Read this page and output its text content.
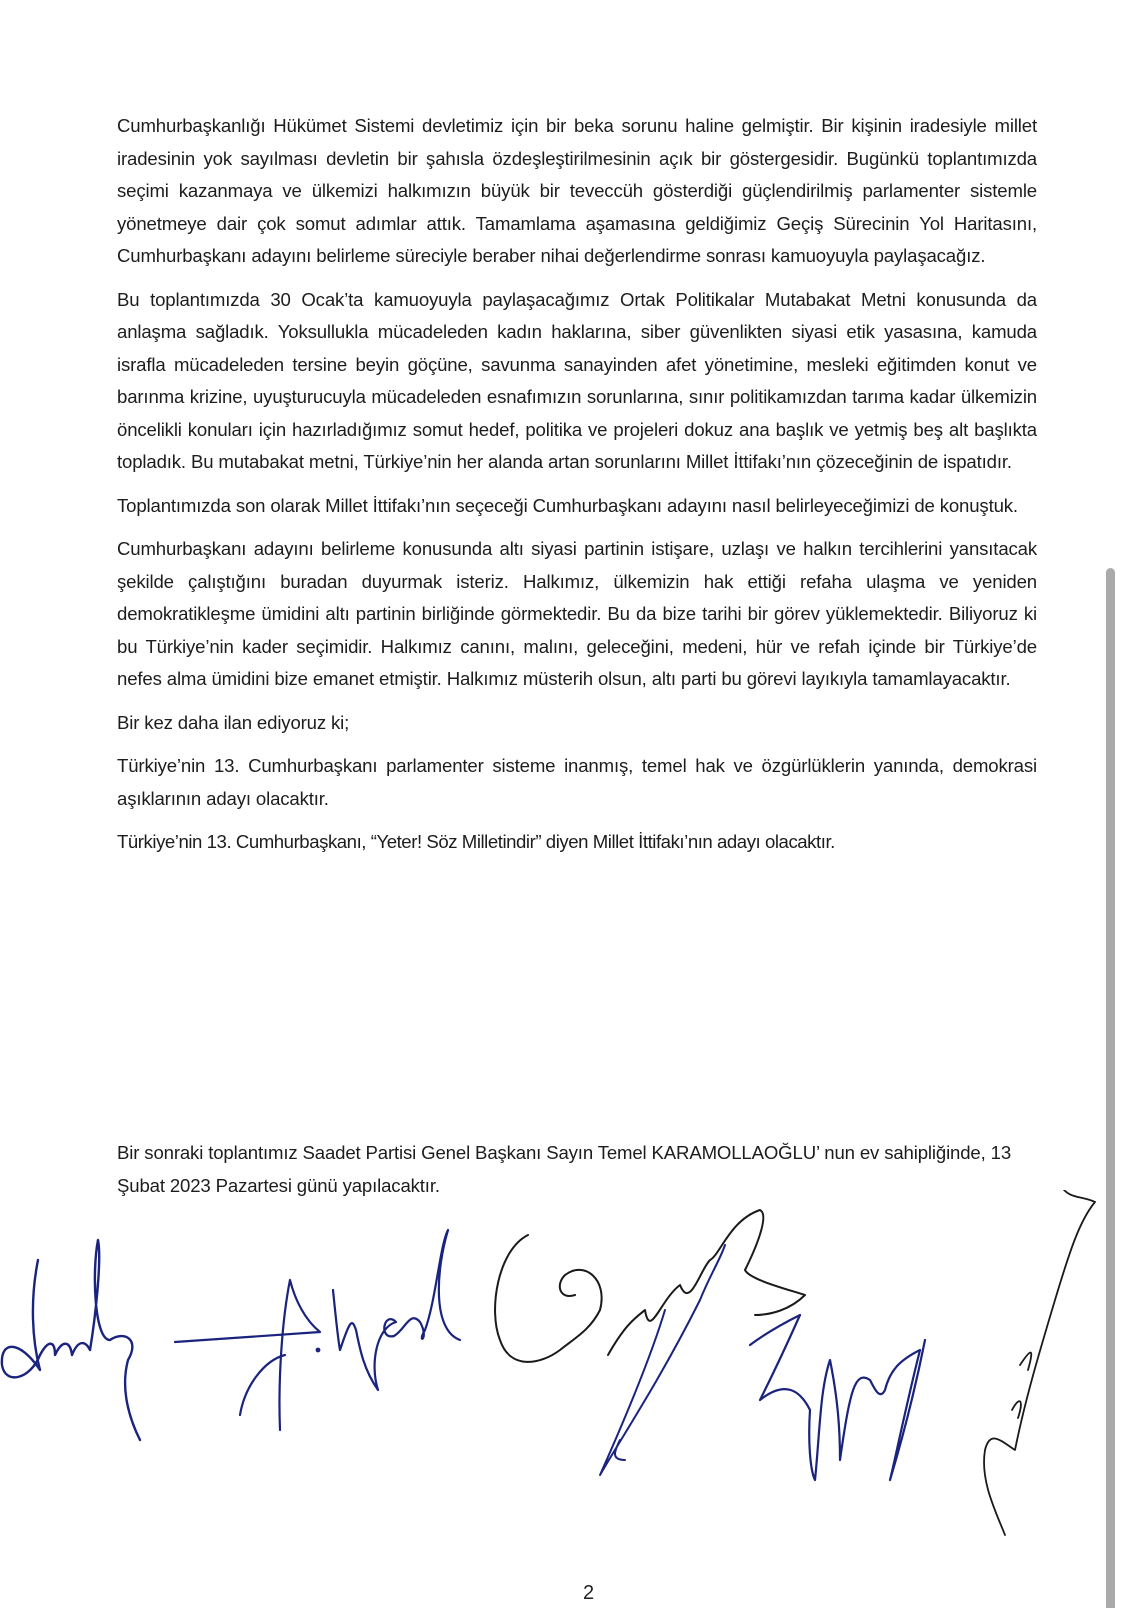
Cumhurbaşkanlığı Hükümet Sistemi devletimiz için bir beka sorunu haline gelmiştir. Bir kişinin iradesiyle millet iradesinin yok sayılması devletin bir şahısla özdeşleştirilmesinin açık bir göstergesidir. Bugünkü toplantımızda seçimi kazanmaya ve ülkemizi halkımızın büyük bir teveccüh gösterdiği güçlendirilmiş parlamenter sistemle yönetmeye dair çok somut adımlar attık. Tamamlama aşamasına geldiğimiz Geçiş Sürecinin Yol Haritasını, Cumhurbaşkanı adayını belirleme süreciyle beraber nihai değerlendirme sonrası kamuoyuyla paylaşacağız.

Bu toplantımızda 30 Ocak’ta kamuoyuyla paylaşacağımız Ortak Politikalar Mutabakat Metni konusunda da anlaşma sağladık. Yoksullukla mücadeleden kadın haklarına, siber güvenlikten siyasi etik yasasına, kamuda israfla mücadeleden tersine beyin göçüne, savunma sanayinden afet yönetimine, mesleki eğitimden konut ve barınma krizine, uyuşturucuyla mücadeleden esnafımızın sorunlarına, sınır politikamızdan tarıma kadar ülkemizin öncelikli konuları için hazırladığımız somut hedef, politika ve projeleri dokuz ana başlık ve yetmiş beş alt başlıkta topladık. Bu mutabakat metni, Türkiye’nin her alanda artan sorunlarını Millet İttifakı’nın çözeceğinin de ispatıdır.

Toplantımızda son olarak Millet İttifakı’nın seçeceği Cumhurbaşkanı adayını nasıl belirleyeceğimizi de konuştuk.

Cumhurbaşkanı adayını belirleme konusunda altı siyasi partinin istişare, uzlaşı ve halkın tercihlerini yansıtacak şekilde çalıştığını buradan duyurmak isteriz. Halkımız, ülkemizin hak ettiği refaha ulaşma ve yeniden demokratikleşme ümidini altı partinin birliğinde görmektedir. Bu da bize tarihi bir görev yüklemektedir. Biliyoruz ki bu Türkiye’nin kader seçimidir. Halkımız canını, malını, geleceğini, medeni, hür ve refah içinde bir Türkiye’de nefes alma ümidini bize emanet etmiştir. Halkımız müsterih olsun, altı parti bu görevi layıkıyla tamamlayacaktır.

Bir kez daha ilan ediyoruz ki;

Türkiye’nin 13. Cumhurbaşkanı parlamenter sisteme inanmış, temel hak ve özgürlüklerin yanında, demokrasi aşıklarının adayı olacaktır.

Türkiye’nin 13. Cumhurbaşkanı, “Yeter! Söz Milletindir” diyen Millet İttifakı’nın adayı olacaktır.

Bir sonraki toplantımız Saadet Partisi Genel Başkanı Sayın Temel KARAMOLLAOĞLU’ nun ev sahipliğinde, 13 Şubat 2023 Pazartesi günü yapılacaktır.

2
